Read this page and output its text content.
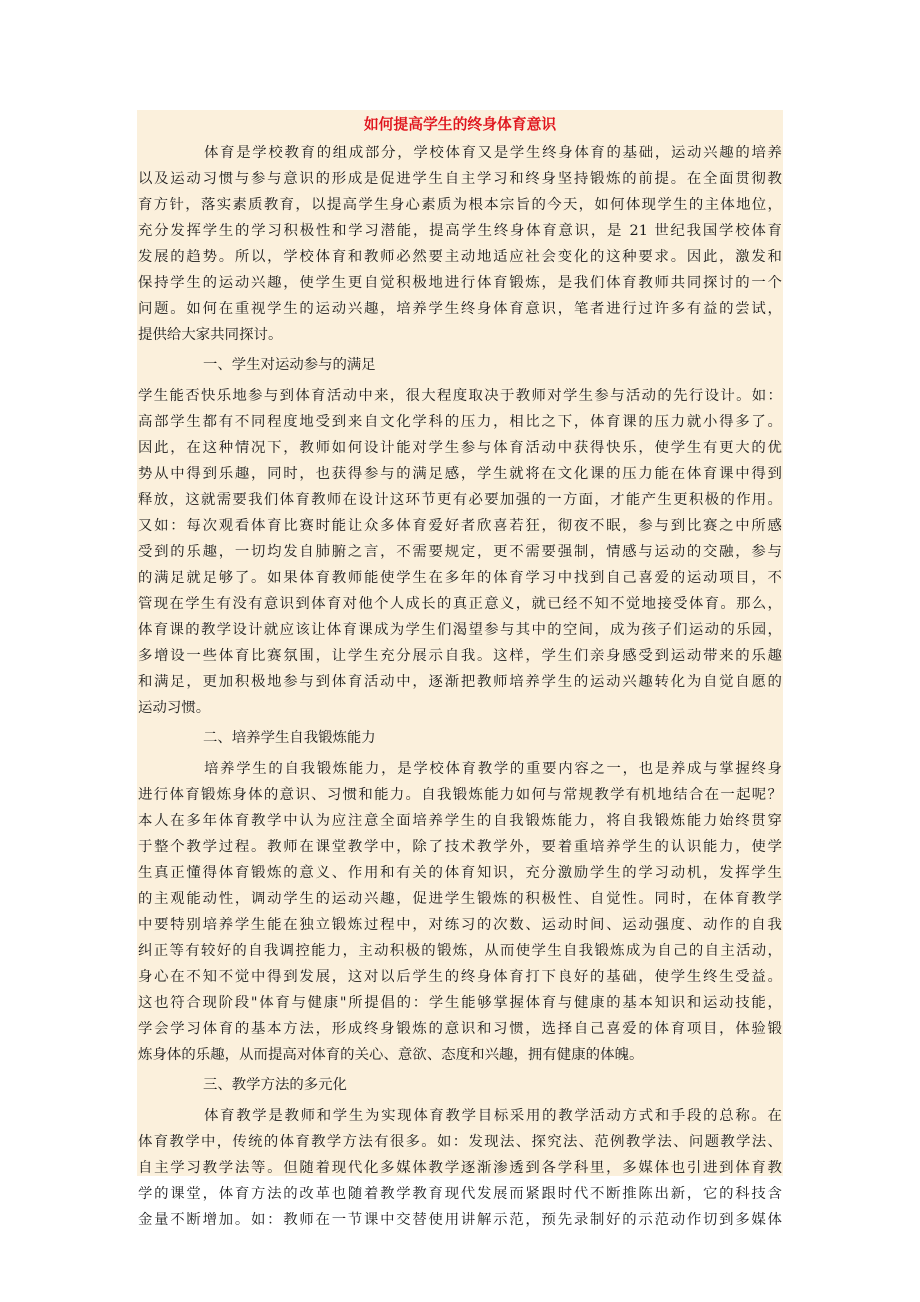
如何提高学生的终身体育意识
体育是学校教育的组成部分，学校体育又是学生终身体育的基础，运动兴趣的培养
以及运动习惯与参与意识的形成是促进学生自主学习和终身坚持锻炼的前提。在全面贯彻教
育方针，落实素质教育，以提高学生身心素质为根本宗旨的今天，如何体现学生的主体地位，
充分发挥学生的学习积极性和学习潜能，提高学生终身体育意识，是 21 世纪我国学校体育
发展的趋势。所以，学校体育和教师必然要主动地适应社会变化的这种要求。因此，激发和
保持学生的运动兴趣，使学生更自觉积极地进行体育锻炼，是我们体育教师共同探讨的一个
问题。如何在重视学生的运动兴趣，培养学生终身体育意识，笔者进行过许多有益的尝试，
提供给大家共同探讨。
一、学生对运动参与的满足
学生能否快乐地参与到体育活动中来，很大程度取决于教师对学生参与活动的先行设计。如：
高部学生都有不同程度地受到来自文化学科的压力，相比之下，体育课的压力就小得多了。
因此，在这种情况下，教师如何设计能对学生参与体育活动中获得快乐，使学生有更大的优
势从中得到乐趣，同时，也获得参与的满足感，学生就将在文化课的压力能在体育课中得到
释放，这就需要我们体育教师在设计这环节更有必要加强的一方面，才能产生更积极的作用。
又如：每次观看体育比赛时能让众多体育爱好者欣喜若狂，彻夜不眠，参与到比赛之中所感
受到的乐趣，一切均发自肺腑之言，不需要规定，更不需要强制，情感与运动的交融，参与
的满足就足够了。如果体育教师能使学生在多年的体育学习中找到自己喜爱的运动项目，不
管现在学生有没有意识到体育对他个人成长的真正意义，就已经不知不觉地接受体育。那么，
体育课的教学设计就应该让体育课成为学生们渴望参与其中的空间，成为孩子们运动的乐园，
多增设一些体育比赛氛围，让学生充分展示自我。这样，学生们亲身感受到运动带来的乐趣
和满足，更加积极地参与到体育活动中，逐渐把教师培养学生的运动兴趣转化为自觉自愿的
运动习惯。
二、培养学生自我锻炼能力
培养学生的自我锻炼能力，是学校体育教学的重要内容之一，也是养成与掌握终身
进行体育锻炼身体的意识、习惯和能力。自我锻炼能力如何与常规教学有机地结合在一起呢？
本人在多年体育教学中认为应注意全面培养学生的自我锻炼能力，将自我锻炼能力始终贯穿
于整个教学过程。教师在课堂教学中，除了技术教学外，要着重培养学生的认识能力，使学
生真正懂得体育锻炼的意义、作用和有关的体育知识，充分激励学生的学习动机，发挥学生
的主观能动性，调动学生的运动兴趣，促进学生锻炼的积极性、自觉性。同时，在体育教学
中要特别培养学生能在独立锻炼过程中，对练习的次数、运动时间、运动强度、动作的自我
纠正等有较好的自我调控能力，主动积极的锻炼，从而使学生自我锻炼成为自己的自主活动，
身心在不知不觉中得到发展，这对以后学生的终身体育打下良好的基础，使学生终生受益。
这也符合现阶段"体育与健康"所提倡的：学生能够掌握体育与健康的基本知识和运动技能，
学会学习体育的基本方法，形成终身锻炼的意识和习惯，选择自己喜爱的体育项目，体验锻
炼身体的乐趣，从而提高对体育的关心、意欲、态度和兴趣，拥有健康的体魄。
三、教学方法的多元化
体育教学是教师和学生为实现体育教学目标采用的教学活动方式和手段的总称。在
体育教学中，传统的体育教学方法有很多。如：发现法、探究法、范例教学法、问题教学法、
自主学习教学法等。但随着现代化多媒体教学逐渐渗透到各学科里，多媒体也引进到体育教
学的课堂，体育方法的改革也随着教学教育现代发展而紧跟时代不断推陈出新，它的科技含
金量不断增加。如：教师在一节课中交替使用讲解示范，预先录制好的示范动作切到多媒体
